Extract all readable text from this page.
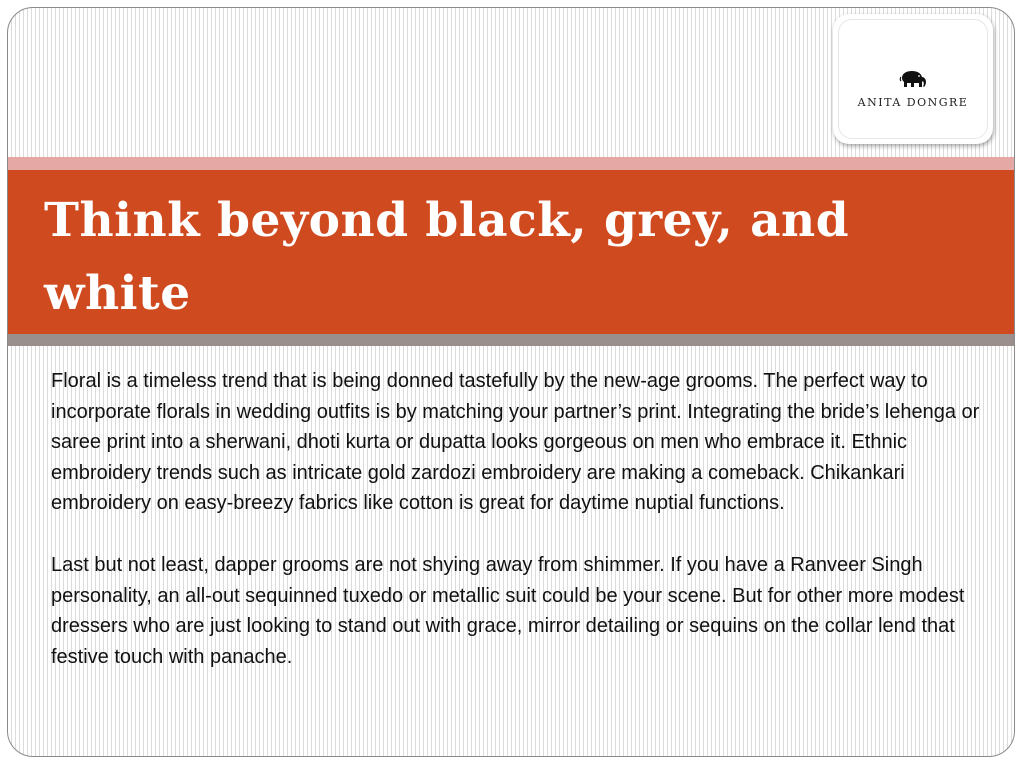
ANITA DONGRE
Think beyond black, grey, and white

Floral is a timeless trend that is being donned tastefully by the new-age grooms. The perfect way to incorporate florals in wedding outfits is by matching your partner’s print. Integrating the bride’s lehenga or saree print into a sherwani, dhoti kurta or dupatta looks gorgeous on men who embrace it. Ethnic embroidery trends such as intricate gold zardozi embroidery are making a comeback. Chikankari embroidery on easy-breezy fabrics like cotton is great for daytime nuptial functions.

Last but not least, dapper grooms are not shying away from shimmer. If you have a Ranveer Singh personality, an all-out sequinned tuxedo or metallic suit could be your scene. But for other more modest dressers who are just looking to stand out with grace, mirror detailing or sequins on the collar lend that festive touch with panache.
